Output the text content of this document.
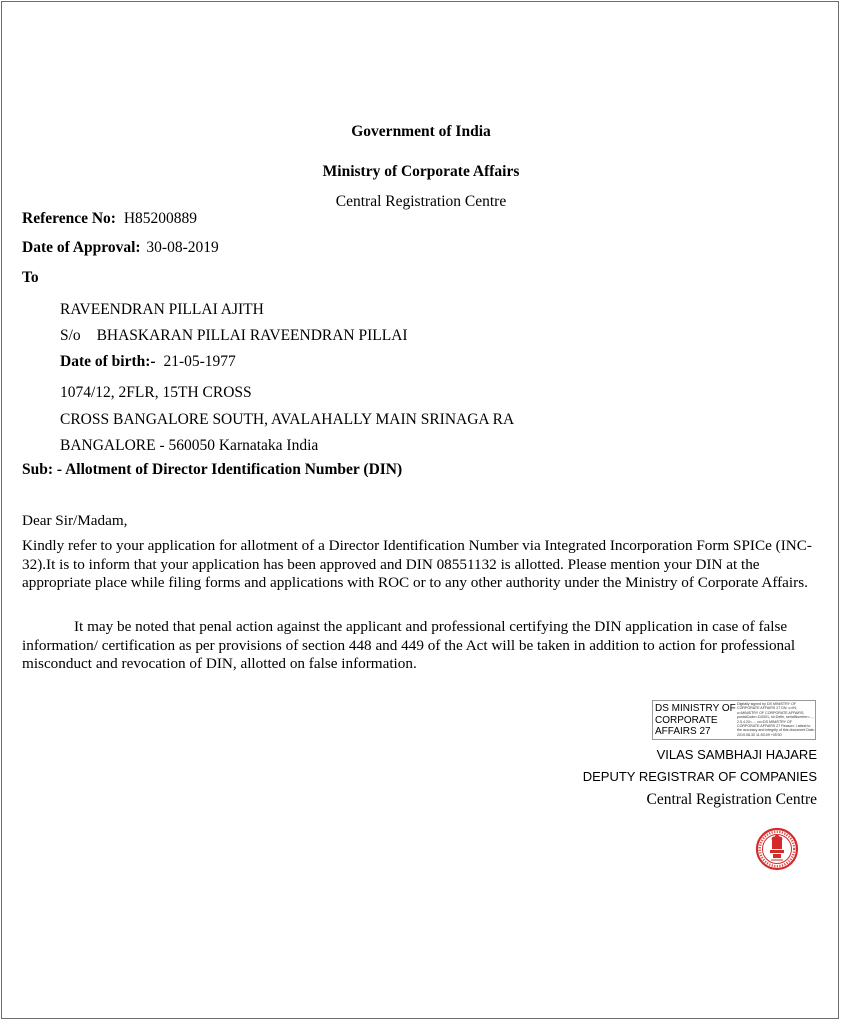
Government of India
Ministry of Corporate Affairs
Central Registration Centre
Reference No: H85200889
Date of Approval: 30-08-2019
To
RAVEENDRAN PILLAI AJITH
S/o BHASKARAN PILLAI RAVEENDRAN PILLAI
Date of birth:- 21-05-1977
1074/12, 2FLR, 15TH CROSS
CROSS BANGALORE SOUTH, AVALAHALLY MAIN SRINAGA RA
BANGALORE - 560050 Karnataka India
Sub: - Allotment of Director Identification Number (DIN)
Dear Sir/Madam,
Kindly refer to your application for allotment of a Director Identification Number via Integrated Incorporation Form SPICe (INC-32).It is to inform that your application has been approved and DIN 08551132 is allotted. Please mention your DIN at the appropriate place while filing forms and applications with ROC or to any other authority under the Ministry of Corporate Affairs.
It may be noted that penal action against the applicant and professional certifying the DIN application in case of false information/ certification as per provisions of section 448 and 449 of the Act will be taken in addition to action for professional misconduct and revocation of DIN, allotted on false information.
DS MINISTRY OF CORPORATE AFFAIRS 27
Digitally signed by DS MINISTRY OF CORPORATE AFFAIRS 27 DN: c=IN, o=MINISTRY OF CORPORATE AFFAIRS, postalCode=110001, st=Delhi, serialNumber=..., 2.5.4.20=..., cn=DS MINISTRY OF CORPORATE AFFAIRS 27 Reason: I attest to the accuracy and integrity of this document Date: 2019.08.30 11:53:09 +05'30'
VILAS SAMBHAJI HAJARE
DEPUTY REGISTRAR OF COMPANIES
Central Registration Centre
